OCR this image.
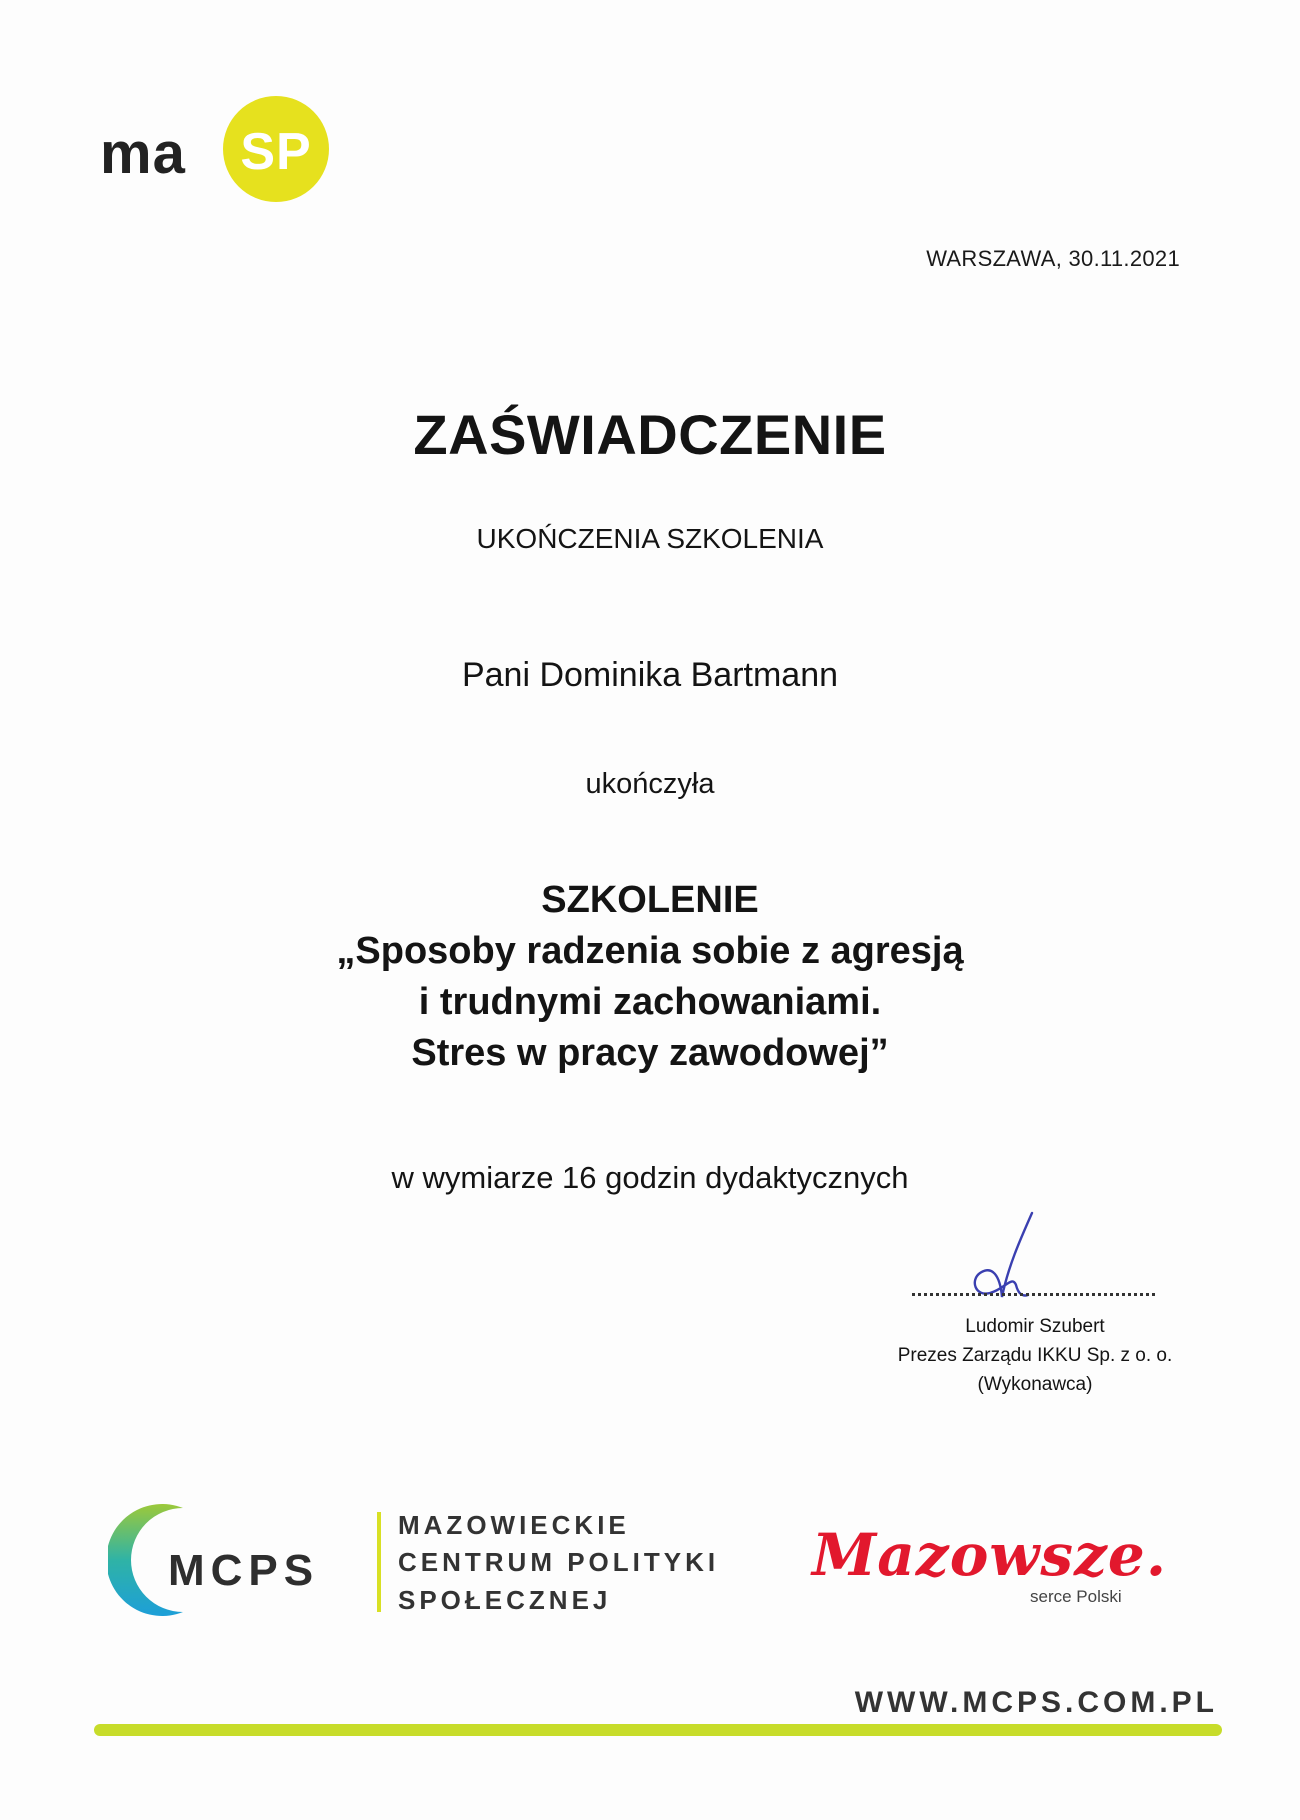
ma	SP
WARSZAWA, 30.11.2021
ZAŚWIADCZENIE
UKOŃCZENIA SZKOLENIA
Pani Dominika Bartmann
ukończyła
SZKOLENIE
„Sposoby radzenia sobie z agresją
i trudnymi zachowaniami.
Stres w pracy zawodowej”
w wymiarze 16 godzin dydaktycznych
Ludomir Szubert
Prezes Zarządu IKKU Sp. z o. o.
(Wykonawca)
MCPS
MAZOWIECKIE
CENTRUM POLITYKI
SPOŁECZNEJ
Mazowsze.
serce Polski
WWW.MCPS.COM.PL
